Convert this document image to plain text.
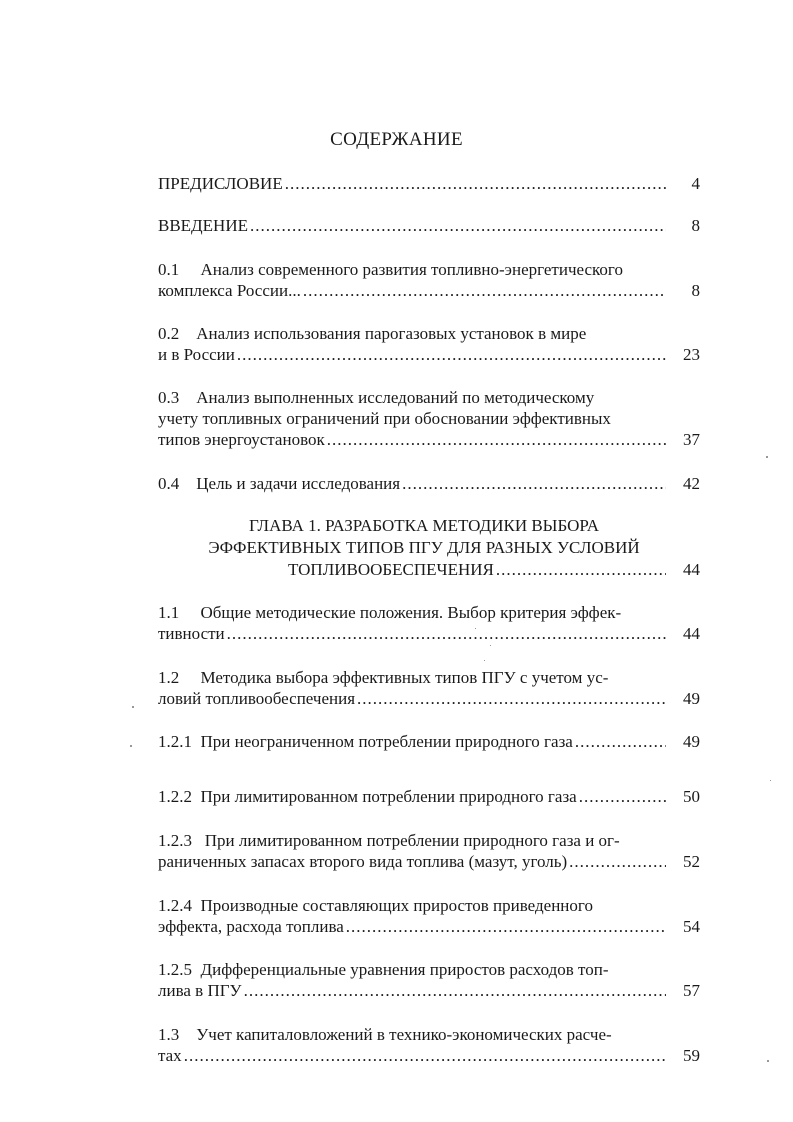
СОДЕРЖАНИЕ
ПРЕДИСЛОВИЕ .....	4
ВВЕДЕНИЕ .....	8
0.1     Анализ современного развития топливно-энергетического
комплекса России... .....	8
0.2    Анализ использования парогазовых установок в мире
и в России .....	23
0.3    Анализ выполненных исследований по методическому
учету топливных ограничений при обосновании эффективных
типов энергоустановок .....	37
0.4    Цель и задачи исследования .....	42
ГЛАВА 1. РАЗРАБОТКА МЕТОДИКИ ВЫБОРА
ЭФФЕКТИВНЫХ ТИПОВ ПГУ ДЛЯ РАЗНЫХ УСЛОВИЙ
ТОПЛИВООБЕСПЕЧЕНИЯ .....	44
1.1     Общие методические положения. Выбор критерия эффек-
тивности .....	44
1.2     Методика выбора эффективных типов ПГУ с учетом ус-
ловий топливообеспечения .....	49
1.2.1  При неограниченном потреблении природного газа .....	49
1.2.2  При лимитированном потреблении природного газа .....	50
1.2.3   При лимитированном потреблении природного газа и ог-
раниченных запасах второго вида топлива (мазут, уголь) .....	52
1.2.4  Производные составляющих приростов приведенного
эффекта, расхода топлива .....	54
1.2.5  Дифференциальные уравнения приростов расходов топ-
лива в ПГУ .....	57
1.3    Учет капиталовложений в технико-экономических расче-
тах .....	59
